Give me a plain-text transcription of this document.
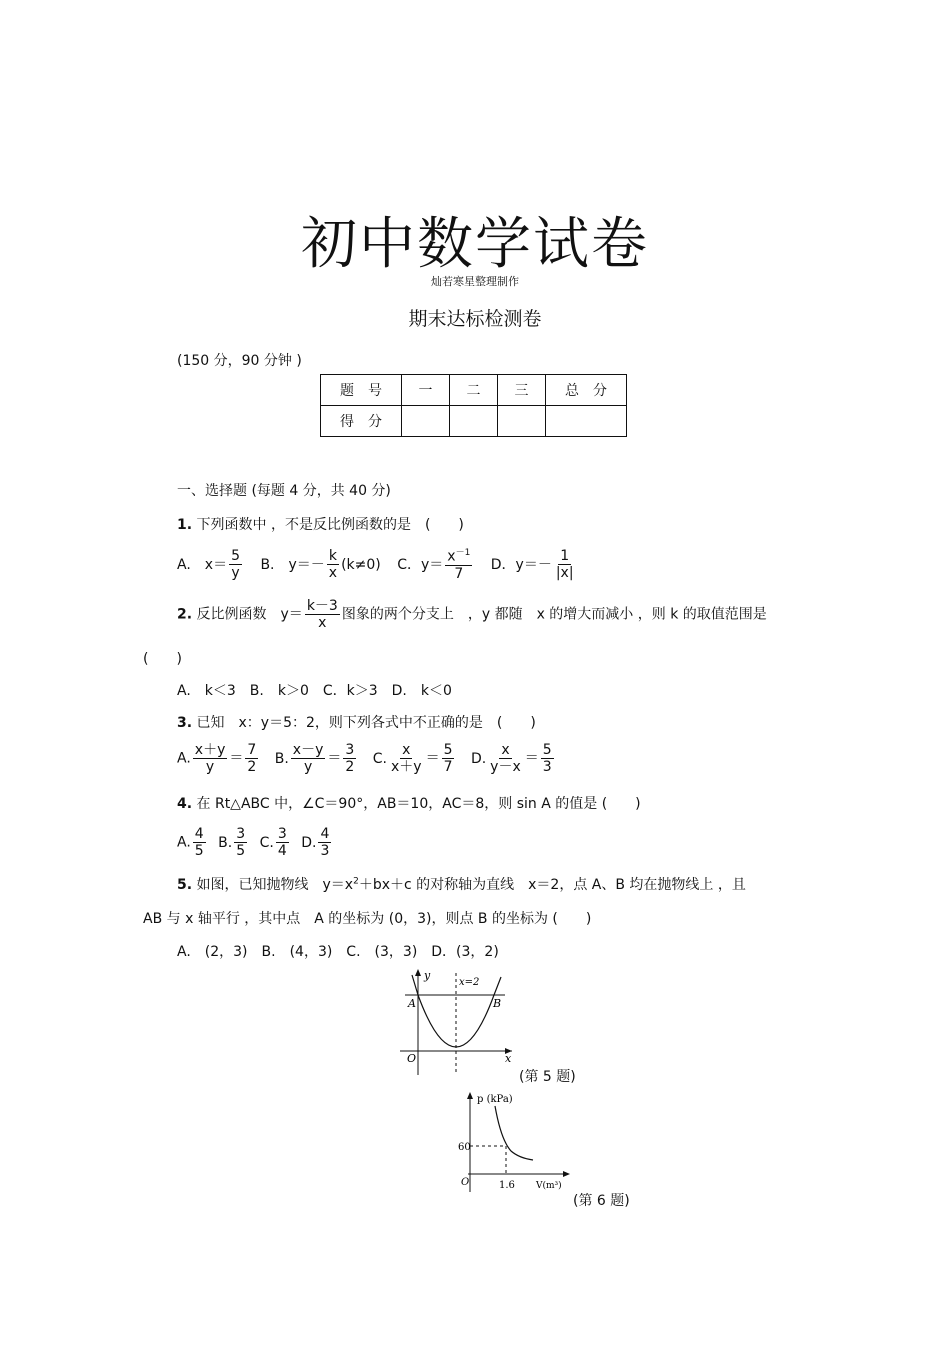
初中数学试卷
灿若寒星整理制作
期末达标检测卷
(150 分，90 分钟 )
题　号	一	二	三	总　分
得　分				
一、选择题 (每题 4 分，共 40 分)
1. 下列函数中 ，不是反比例函数的是　(　　)
A.　$x= \frac{5}{y} B$.　$y=- \frac{k}{x} (k\ne 0)$ C．$y= \frac{x^{-1}}{7}$ D．$y=- \frac{1}{|x|}$
2. 反比例函数　$y= \frac{k-3}{x}$ 图象的两个分支上　，y 都随　x 的增大而减小 ，则 k 的取值范围是
(　　)
A.　k＜3　B.　k＞0　C．k＞3　D.　k＜0
3. 已知　x：y＝5：2，则下列各式中不正确的是　(　　)
A. $\frac{x+y}{y} = \frac{7}{2} B$. $\frac{x-y}{y} = \frac{3}{2} C$. $\frac{x}{x+y} = \frac{5}{7} D$. $\frac{x}{y-x} = \frac{5}{3}$
4. 在 Rt△ABC 中，∠C＝90°，AB＝10，AC＝8，则 sin A 的值是 (　　)
A. $\frac{4}{5} B$. $\frac{3}{5} C$. $\frac{3}{4} D$. $\frac{4}{3}$
5. 如图，已知抛物线　$y=x^2+bx+c$ 的对称轴为直线　x＝2，点 A、B 均在抛物线上 ，且
AB 与 x 轴平行 ，其中点　A 的坐标为 (0，3)，则点 B 的坐标为 (　　)
A.　(2，3)　B.　(4，3)　C.　(3，3)　D．(3，2)
y
x
O
x=2
A	B
(第 5 题)
p (kPa)
60
1.6
O	V(m³)
(第 6 题)
